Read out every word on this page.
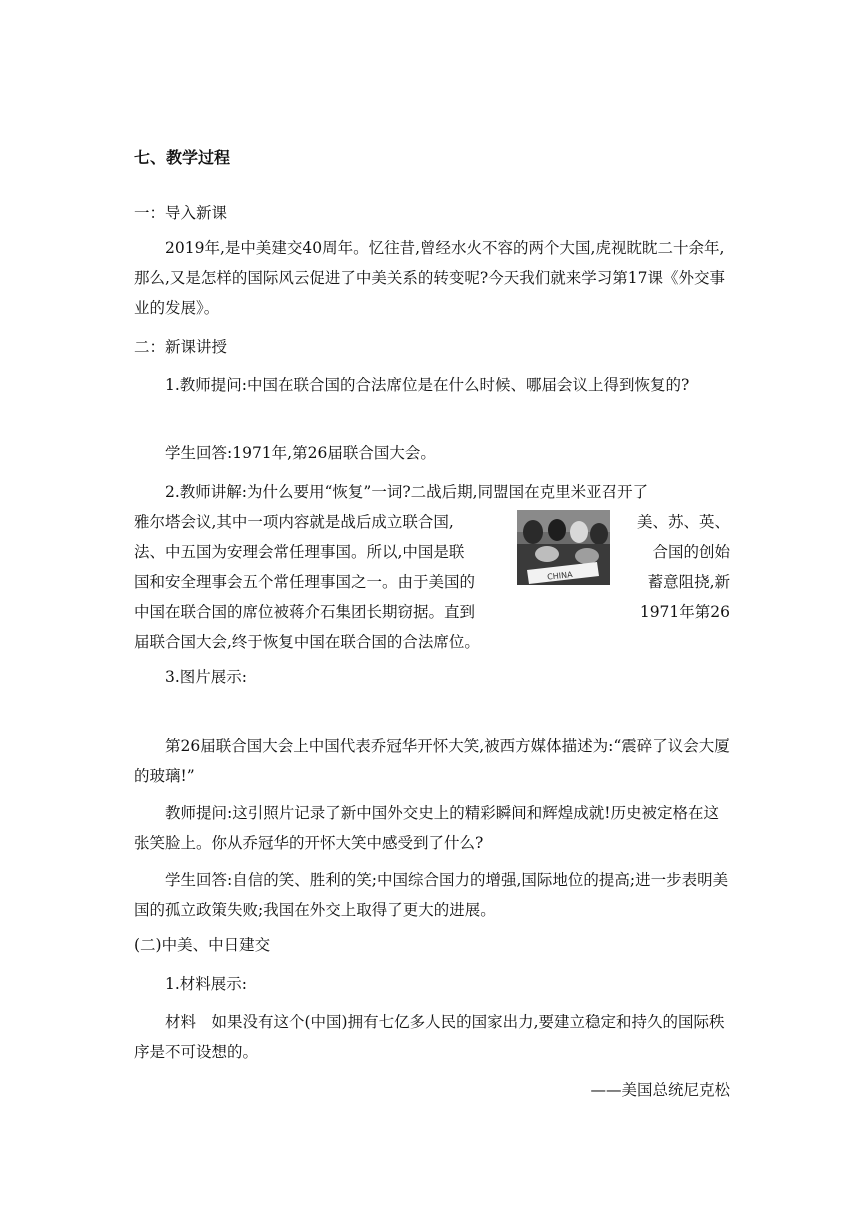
七、教学过程
一：导入新课
2019年,是中美建交40周年。忆往昔,曾经水火不容的两个大国,虎视眈眈二十余年,那么,又是怎样的国际风云促进了中美关系的转变呢?今天我们就来学习第17课《外交事业的发展》。
二：新课讲授
1.教师提问:中国在联合国的合法席位是在什么时候、哪届会议上得到恢复的?
学生回答:1971年,第26届联合国大会。
2.教师讲解:为什么要用“恢复”一词?二战后期,同盟国在克里米亚召开了
雅尔塔会议,其中一项内容就是战后成立联合国,	美、苏、英、
法、中五国为安理会常任理事国。所以,中国是联	合国的创始
国和安全理事会五个常任理事国之一。由于美国的	蓄意阻挠,新
中国在联合国的席位被蒋介石集团长期窃据。直到	1971年第26
届联合国大会,终于恢复中国在联合国的合法席位。
CHINA
3.图片展示:
第26届联合国大会上中国代表乔冠华开怀大笑,被西方媒体描述为:“震碎了议会大厦的玻璃!”
教师提问:这引照片记录了新中国外交史上的精彩瞬间和辉煌成就!历史被定格在这张笑脸上。你从乔冠华的开怀大笑中感受到了什么?
学生回答:自信的笑、胜利的笑;中国综合国力的增强,国际地位的提高;进一步表明美国的孤立政策失败;我国在外交上取得了更大的进展。
(二)中美、中日建交
1.材料展示:
材料　如果没有这个(中国)拥有七亿多人民的国家出力,要建立稳定和持久的国际秩序是不可设想的。
——美国总统尼克松
